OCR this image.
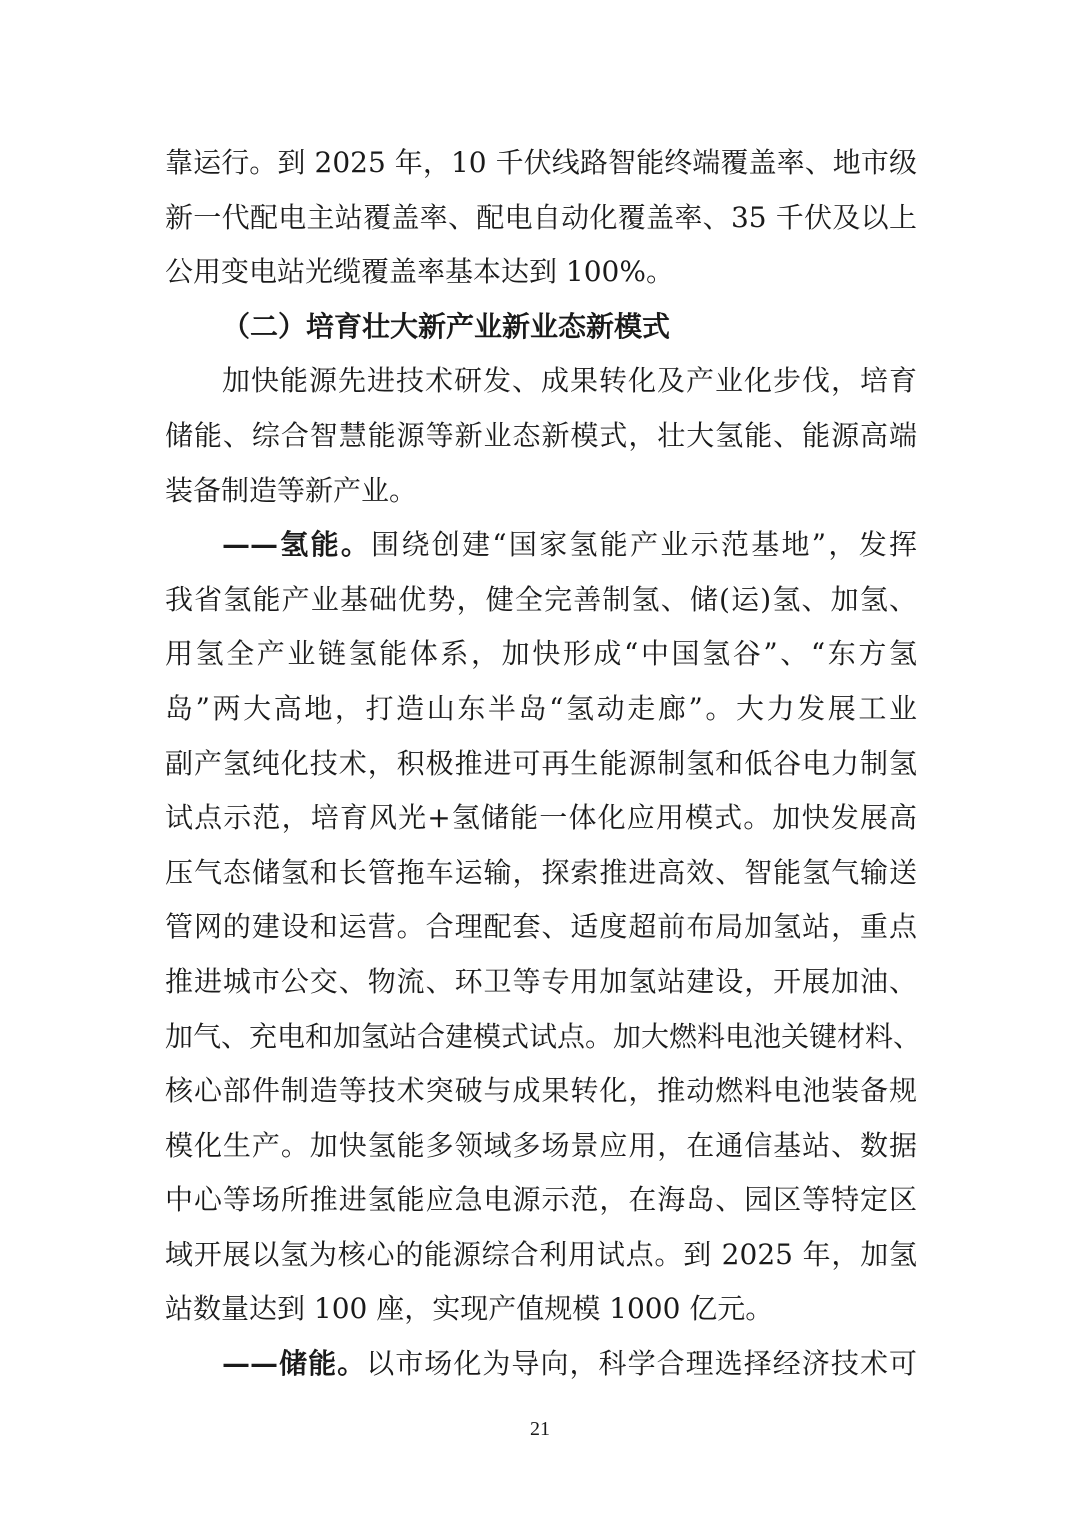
靠运行。到 2025 年，10 千伏线路智能终端覆盖率、地市级
新一代配电主站覆盖率、配电自动化覆盖率、35 千伏及以上
公用变电站光缆覆盖率基本达到 100%。
（二）培育壮大新产业新业态新模式
加快能源先进技术研发、成果转化及产业化步伐，培育
储能、综合智慧能源等新业态新模式，壮大氢能、能源高端
装备制造等新产业。
——氢能。围绕创建“国家氢能产业示范基地”，发挥
我省氢能产业基础优势，健全完善制氢、储(运)氢、加氢、
用氢全产业链氢能体系，加快形成“中国氢谷”、“东方氢
岛”两大高地，打造山东半岛“氢动走廊”。大力发展工业
副产氢纯化技术，积极推进可再生能源制氢和低谷电力制氢
试点示范，培育风光+氢储能一体化应用模式。加快发展高
压气态储氢和长管拖车运输，探索推进高效、智能氢气输送
管网的建设和运营。合理配套、适度超前布局加氢站，重点
推进城市公交、物流、环卫等专用加氢站建设，开展加油、
加气、充电和加氢站合建模式试点。加大燃料电池关键材料、
核心部件制造等技术突破与成果转化，推动燃料电池装备规
模化生产。加快氢能多领域多场景应用，在通信基站、数据
中心等场所推进氢能应急电源示范，在海岛、园区等特定区
域开展以氢为核心的能源综合利用试点。到 2025 年，加氢
站数量达到 100 座，实现产值规模 1000 亿元。
——储能。以市场化为导向，科学合理选择经济技术可
21
